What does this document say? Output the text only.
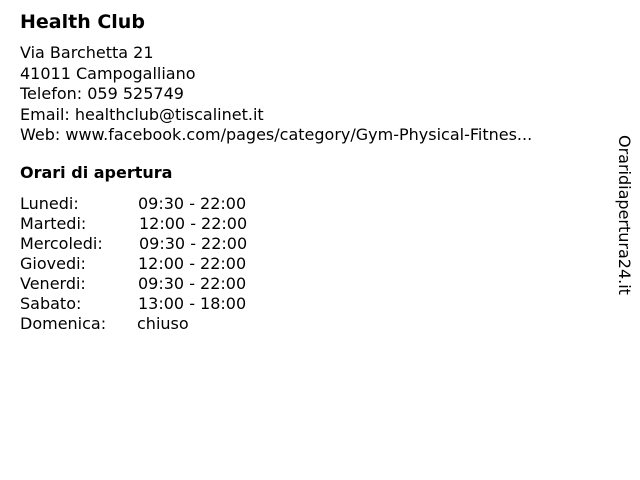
Health Club
Via Barchetta 21
41011 Campogalliano
Telefon: 059 525749
Email: healthclub@tiscalinet.it
Web: www.facebook.com/pages/category/Gym-Physical-Fitnes...
Orari di apertura
Lunedi:	09:30 - 22:00
Martedi:	12:00 - 22:00
Mercoledi: 09:30 - 22:00
Giovedi:	12:00 - 22:00
Venerdi:	09:30 - 22:00
Sabato:	13:00 - 18:00
Domenica: chiuso
Oraridiapertura24.it
